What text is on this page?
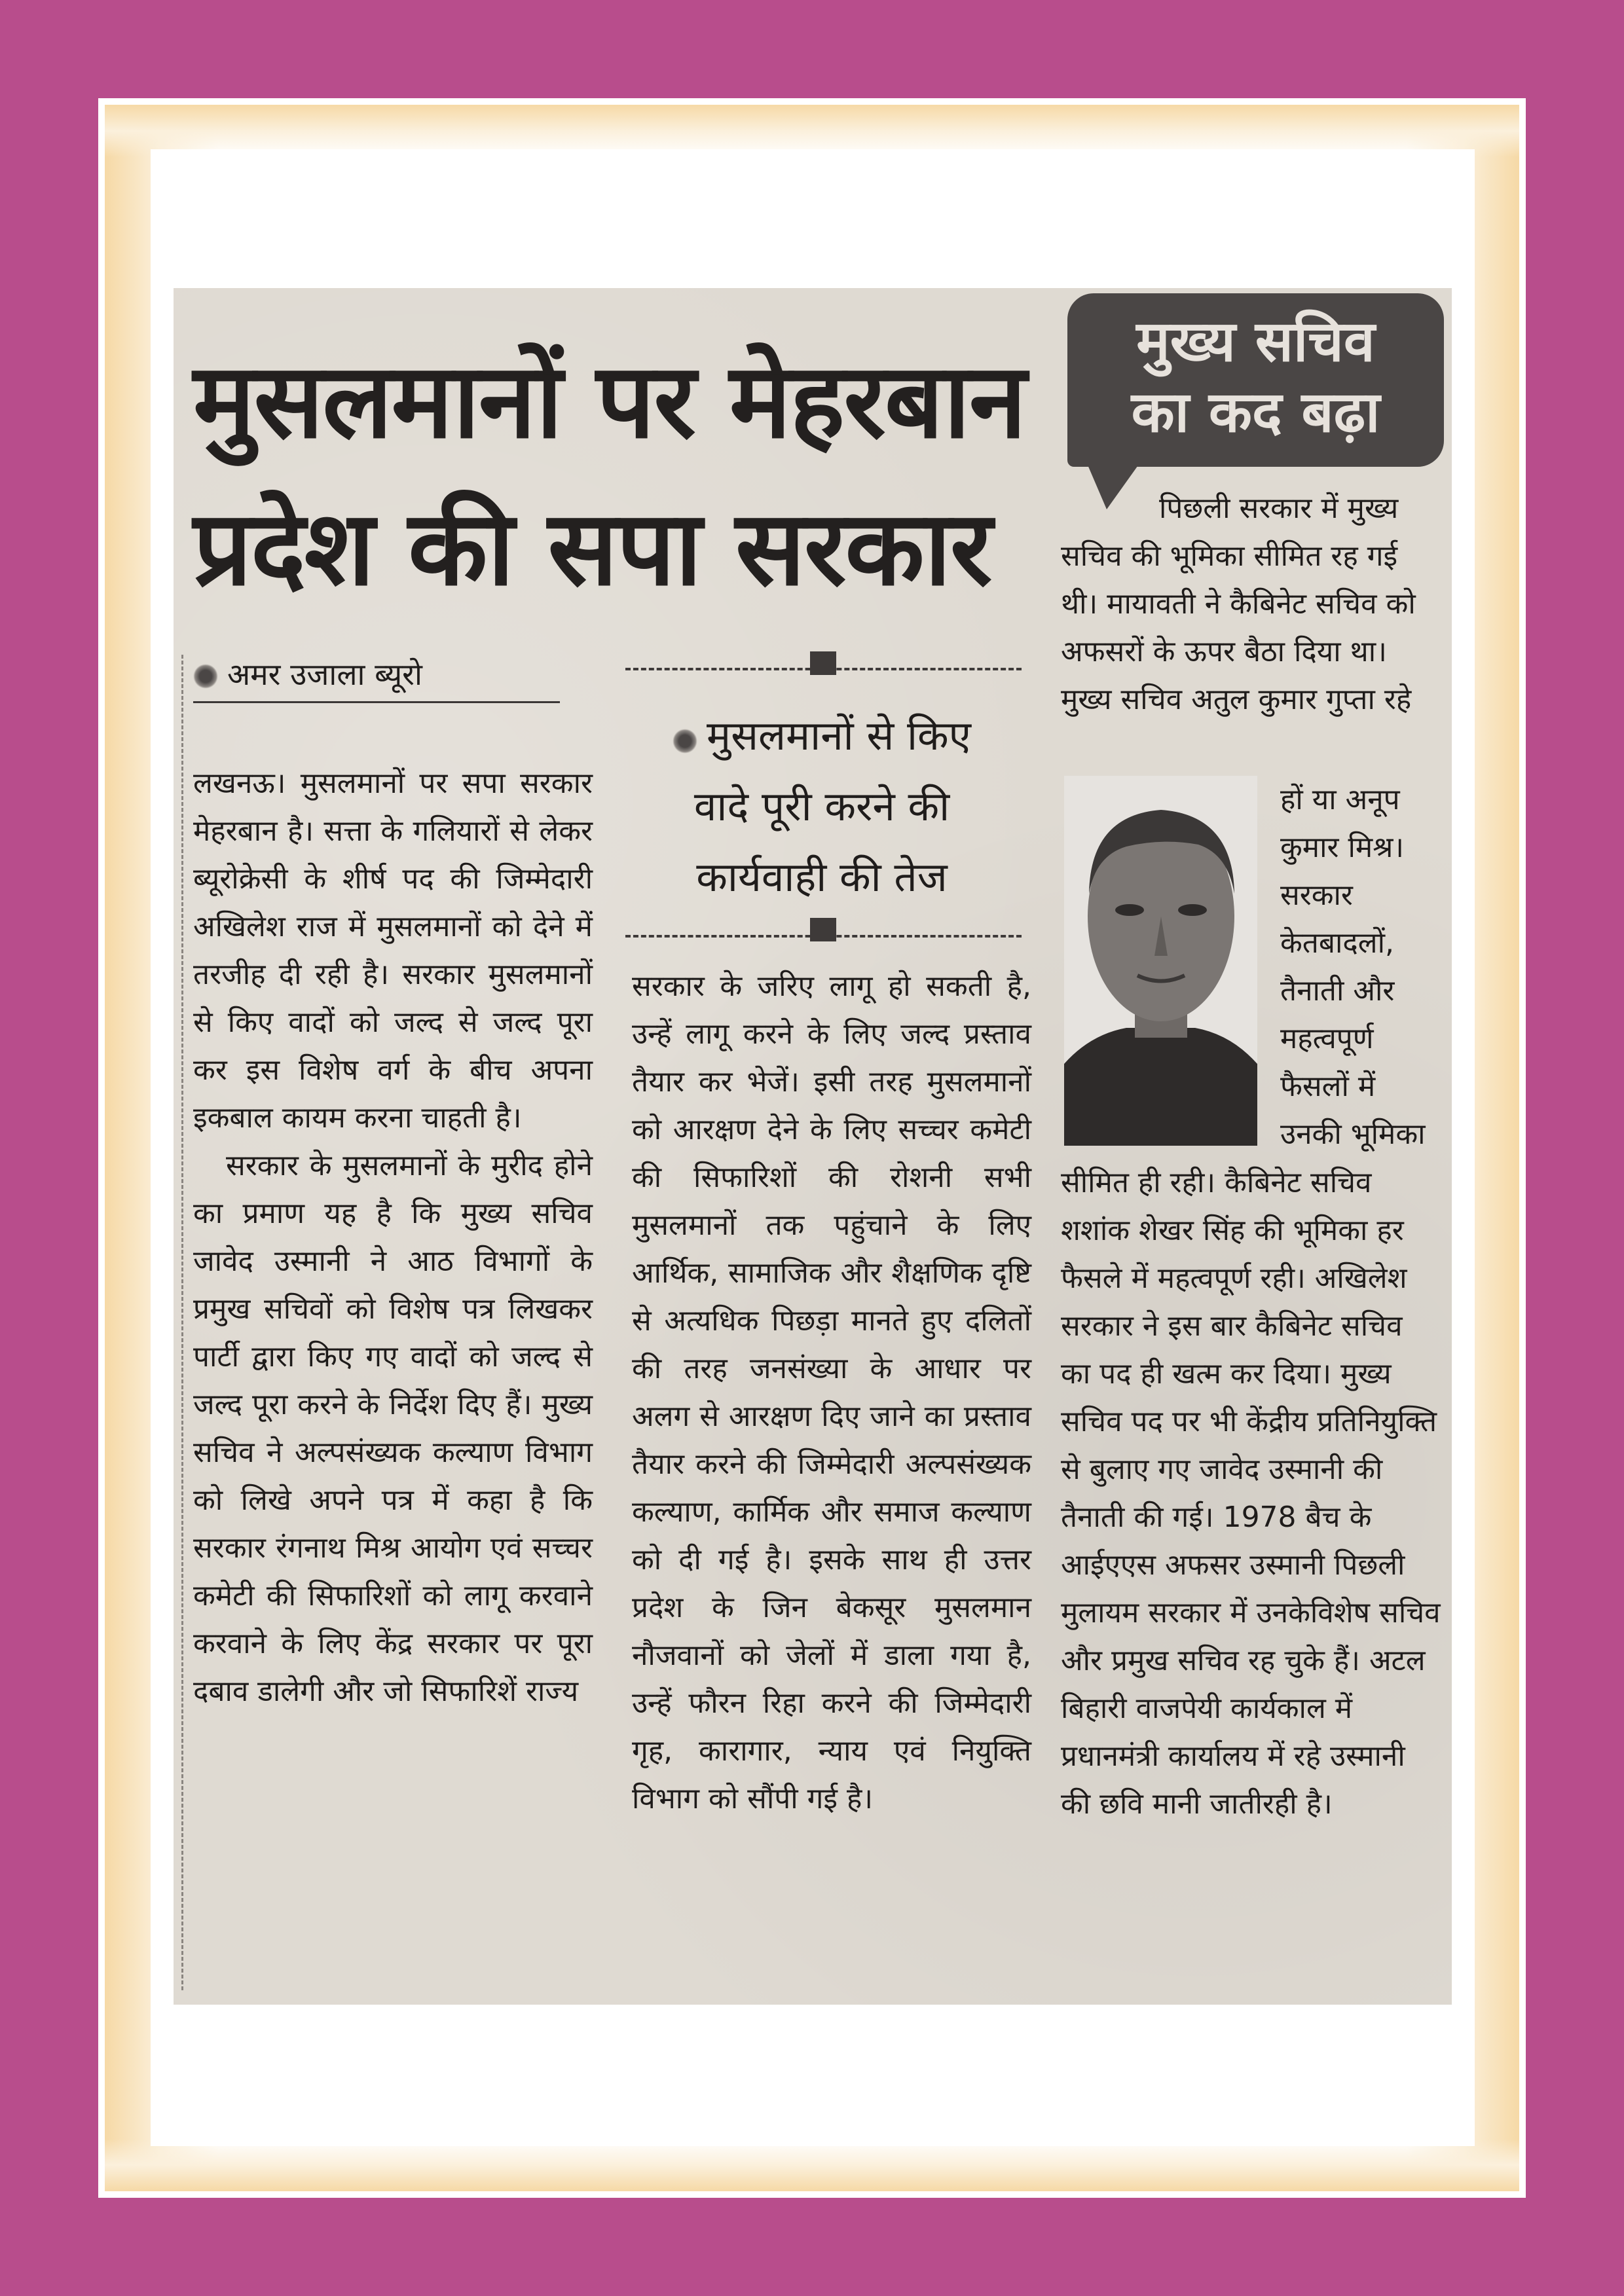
मुसलमानों पर मेहरबान
प्रदेश की सपा सरकार
मुख्य सचिव
का कद बढ़ा
अमर उजाला ब्यूरो

लखनऊ। मुसलमानों पर सपा सरकार मेहरबान है। सत्ता के गलियारों से लेकर ब्यूरोक्रेसी के शीर्ष पद की जिम्मेदारी अखिलेश राज में मुसलमानों को देने में तरजीह दी रही है। सरकार मुसलमानों से किए वादों को जल्द से जल्द पूरा कर इस विशेष वर्ग के बीच अपना इकबाल कायम करना चाहती है।

सरकार के मुसलमानों के मुरीद होने का प्रमाण यह है कि मुख्य सचिव जावेद उस्मानी ने आठ विभागों के प्रमुख सचिवों को विशेष पत्र लिखकर पार्टी द्वारा किए गए वादों को जल्द से जल्द पूरा करने के निर्देश दिए हैं। मुख्य सचिव ने अल्पसंख्यक कल्याण विभाग को लिखे अपने पत्र में कहा है कि सरकार रंगनाथ मिश्र आयोग एवं सच्चर कमेटी की सिफारिशों को लागू करवाने करवाने के लिए केंद्र सरकार पर पूरा दबाव डालेगी और जो सिफारिशें राज्य

मुसलमानों से किए
वादे पूरी करने की
कार्यवाही की तेज

सरकार के जरिए लागू हो सकती है, उन्हें लागू करने के लिए जल्द प्रस्ताव तैयार कर भेजें। इसी तरह मुसलमानों को आरक्षण देने के लिए सच्चर कमेटी की सिफारिशों की रोशनी सभी मुसलमानों तक पहुंचाने के लिए आर्थिक, सामाजिक और शैक्षणिक दृष्टि से अत्यधिक पिछड़ा मानते हुए दलितों की तरह जनसंख्या के आधार पर अलग से आरक्षण दिए जाने का प्रस्ताव तैयार करने की जिम्मेदारी अल्पसंख्यक कल्याण, कार्मिक और समाज कल्याण को दी गई है। इसके साथ ही उत्तर प्रदेश के जिन बेकसूर मुसलमान नौजवानों को जेलों में डाला गया है, उन्हें फौरन रिहा करने की जिम्मेदारी गृह, कारागार, न्याय एवं नियुक्ति विभाग को सौंपी गई है।

पिछली सरकार में मुख्य सचिव की भूमिका सीमित रह गई थी। मायावती ने कैबिनेट सचिव को अफसरों के ऊपर बैठा दिया था। मुख्य सचिव अतुल कुमार गुप्ता रहे
हों या अनूप कुमार मिश्र। सरकार केतबादलों, तैनाती और महत्वपूर्ण फैसलों में उनकी भूमिका
सीमित ही रही। कैबिनेट सचिव शशांक शेखर सिंह की भूमिका हर फैसले में महत्वपूर्ण रही। अखिलेश सरकार ने इस बार कैबिनेट सचिव का पद ही खत्म कर दिया। मुख्य सचिव पद पर भी केंद्रीय प्रतिनियुक्ति से बुलाए गए जावेद उस्मानी की तैनाती की गई। 1978 बैच के आईएएस अफसर उस्मानी पिछली मुलायम सरकार में उनकेविशेष सचिव और प्रमुख सचिव रह चुके हैं। अटल बिहारी वाजपेयी कार्यकाल में प्रधानमंत्री कार्यालय में रहे उस्मानी की छवि मानी जातीरही है।
